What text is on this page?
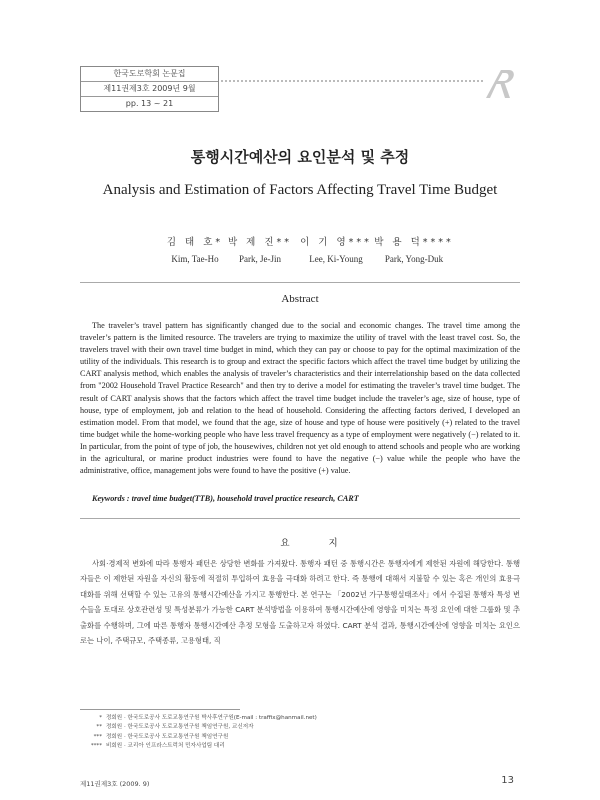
한국도로학회 논문집
제11권제3호 2009년 9월
pp. 13 ~ 21
통행시간예산의 요인분석 및 추정
Analysis and Estimation of Factors Affecting Travel Time Budget
김 태 호*
Kim, Tae-Ho
박 제 진**
Park, Je-Jin
이 기 영***
Lee, Ki-Young
박 용 덕****
Park, Yong-Duk
Abstract
The traveler’s travel pattern has significantly changed due to the social and economic changes. The travel time among the traveler’s pattern is the limited resource. The travelers are trying to maximize the utility of travel with the least travel cost. So, the travelers travel with their own travel time budget in mind, which they can pay or choose to pay for the optimal maximization of the utility of the individuals. This research is to group and extract the specific factors which affect the travel time budget by utilizing the CART analysis method, which enables the analysis of traveler’s characteristics and their interrelationship based on the data collected from "2002 Household Travel Practice Research" and then try to derive a model for estimating the traveler’s travel time budget. The result of CART analysis shows that the factors which affect the travel time budget include the traveler’s age, size of house, type of house, type of employment, job and relation to the head of household. Considering the affecting factors derived, I developed an estimation model. From that model, we found that the age, size of house and type of house were positively (+) related to the travel time budget while the home-working people who have less travel frequency as a type of employment were negatively (−) related to it. In particular, from the point of type of job, the housewives, children not yet old enough to attend schools and people who are working in the agricultural, or marine product industries were found to have the negative (−) value while the people who have the administrative, office, management jobs were found to have the positive (+) value.
Keywords : travel time budget(TTB), household travel practice research, CART
요 지
사회·경제적 변화에 따라 통행자 패턴은 상당한 변화를 가져왔다. 통행자 패턴 중 통행시간은 통행자에게 제한된 자원에 해당한다. 통행자들은 이 제한된 자원을 자신의 활동에 적절히 투입하여 효용을 극대화 하려고 한다. 즉 통행에 대해서 지불할 수 있는 혹은 개인의 효용극대화를 위해 선택할 수 있는 고유의 통행시간예산을 가지고 통행한다. 본 연구는 「2002년 가구통행실태조사」에서 수집된 통행자 특성 변수들을 토대로 상호관련성 및 특성분류가 가능한 CART 분석방법을 이용하여 통행시간예산에 영향을 미치는 특정 요인에 대한 그룹화 및 추출화를 수행하며, 그에 따른 통행자 통행시간예산 추정 모형을 도출하고자 하였다. CART 분석 결과, 통행시간예산에 영향을 미치는 요인으로는 나이, 주택규모, 주택종류, 고용형태, 직
* 정회원 · 한국도로공사 도로교통연구원 박사후연구원(E-mail : traffix@hanmail.net)
** 정회원 · 한국도로공사 도로교통연구원 책임연구원, 교신저자
*** 정회원 · 한국도로공사 도로교통연구원 책임연구원
**** 비회원 · 코리아 인프라스트럭처 민자사업팀 대리
제11권제3호 (2009. 9)	13
